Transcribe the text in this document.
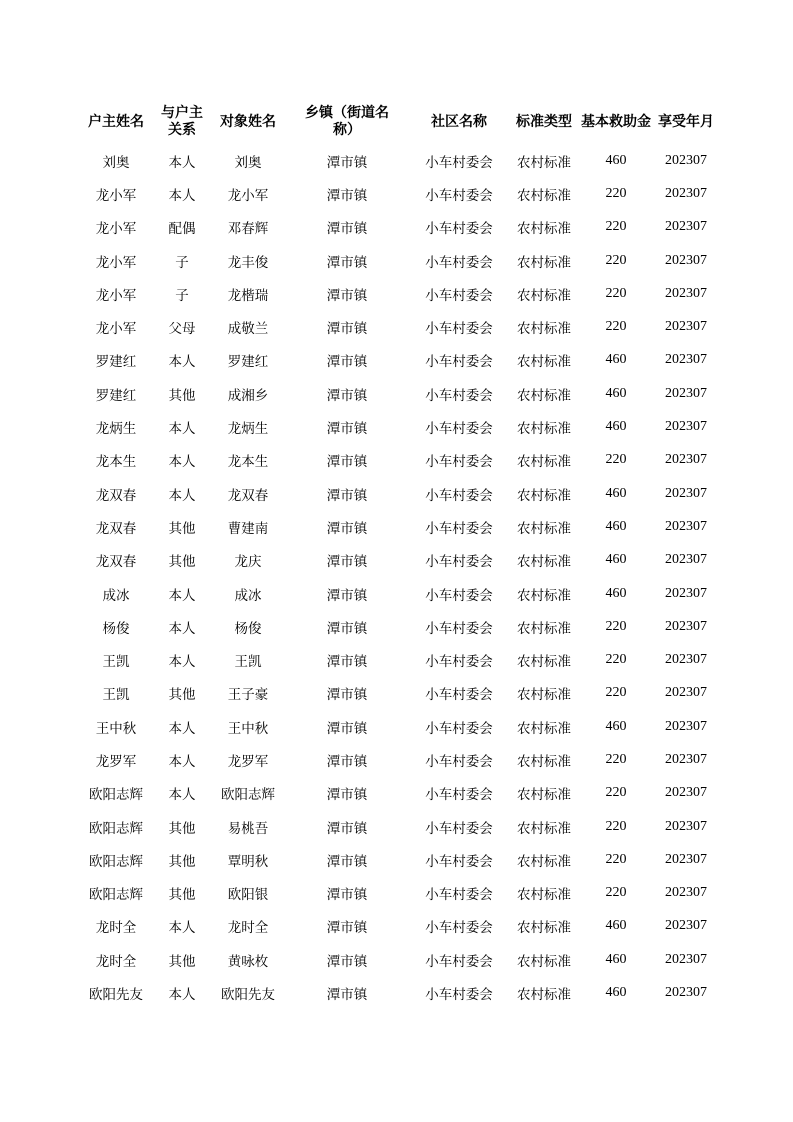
户主姓名	与户主关系	对象姓名	乡镇（街道名称）	社区名称	标准类型	基本救助金	享受年月
刘奥	本人	刘奥	潭市镇	小车村委会	农村标准	460	202307
龙小军	本人	龙小军	潭市镇	小车村委会	农村标准	220	202307
龙小军	配偶	邓春辉	潭市镇	小车村委会	农村标准	220	202307
龙小军	子	龙丰俊	潭市镇	小车村委会	农村标准	220	202307
龙小军	子	龙楷瑞	潭市镇	小车村委会	农村标准	220	202307
龙小军	父母	成敬兰	潭市镇	小车村委会	农村标准	220	202307
罗建红	本人	罗建红	潭市镇	小车村委会	农村标准	460	202307
罗建红	其他	成湘乡	潭市镇	小车村委会	农村标准	460	202307
龙炳生	本人	龙炳生	潭市镇	小车村委会	农村标准	460	202307
龙本生	本人	龙本生	潭市镇	小车村委会	农村标准	220	202307
龙双春	本人	龙双春	潭市镇	小车村委会	农村标准	460	202307
龙双春	其他	曹建南	潭市镇	小车村委会	农村标准	460	202307
龙双春	其他	龙庆	潭市镇	小车村委会	农村标准	460	202307
成冰	本人	成冰	潭市镇	小车村委会	农村标准	460	202307
杨俊	本人	杨俊	潭市镇	小车村委会	农村标准	220	202307
王凯	本人	王凯	潭市镇	小车村委会	农村标准	220	202307
王凯	其他	王子豪	潭市镇	小车村委会	农村标准	220	202307
王中秋	本人	王中秋	潭市镇	小车村委会	农村标准	460	202307
龙罗军	本人	龙罗军	潭市镇	小车村委会	农村标准	220	202307
欧阳志辉	本人	欧阳志辉	潭市镇	小车村委会	农村标准	220	202307
欧阳志辉	其他	易桃吾	潭市镇	小车村委会	农村标准	220	202307
欧阳志辉	其他	覃明秋	潭市镇	小车村委会	农村标准	220	202307
欧阳志辉	其他	欧阳银	潭市镇	小车村委会	农村标准	220	202307
龙时全	本人	龙时全	潭市镇	小车村委会	农村标准	460	202307
龙时全	其他	黄咏枚	潭市镇	小车村委会	农村标准	460	202307
欧阳先友	本人	欧阳先友	潭市镇	小车村委会	农村标准	460	202307
